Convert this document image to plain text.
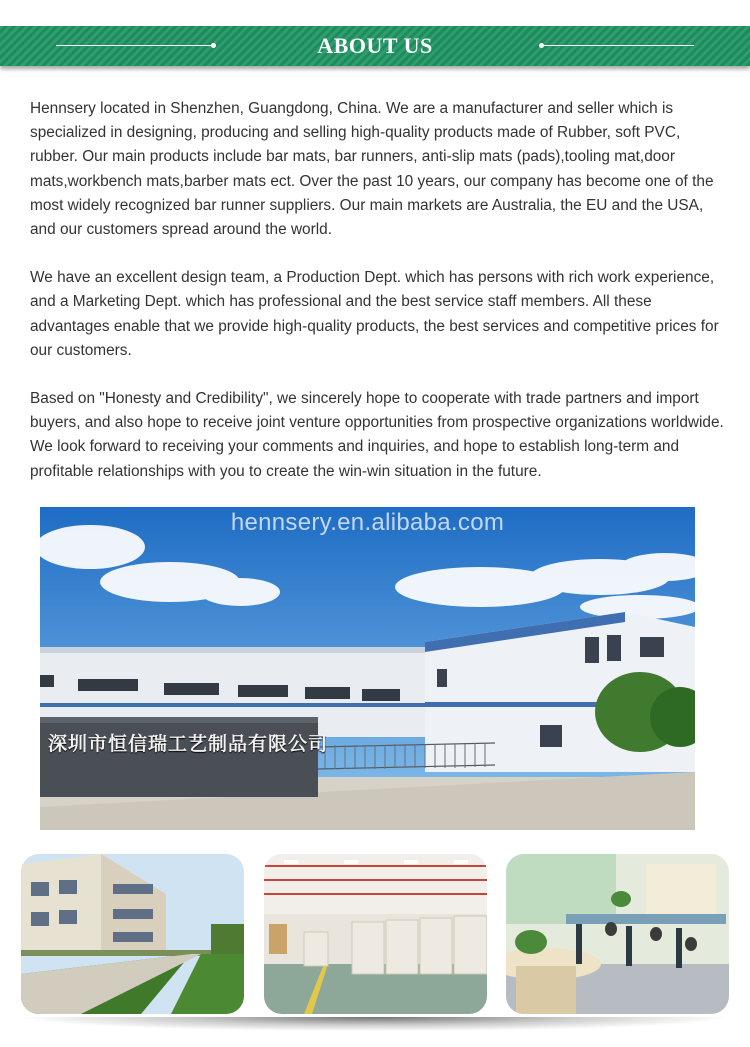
ABOUT US

Hennsery located in Shenzhen, Guangdong, China. We are a manufacturer and seller which is specialized in designing, producing and selling high-quality products made of Rubber, soft PVC, rubber. Our main products include bar mats, bar runners, anti-slip mats (pads),tooling mat,door mats,workbench mats,barber mats ect. Over the past 10 years, our company has become one of the most widely recognized bar runner suppliers. Our main markets are Australia, the EU and the USA, and our customers spread around the world.

We have an excellent design team, a Production Dept. which has persons with rich work experience, and a Marketing Dept. which has professional and the best service staff members. All these advantages enable that we provide high-quality products, the best services and competitive prices for our customers.

Based on "Honesty and Credibility", we sincerely hope to cooperate with trade partners and import buyers, and also hope to receive joint venture opportunities from prospective organizations worldwide. We look forward to receiving your comments and inquiries, and hope to establish long-term and profitable relationships with you to create the win-win situation in the future.

hennsery.en.alibaba.com
深圳市恒信瑞工艺制品有限公司
